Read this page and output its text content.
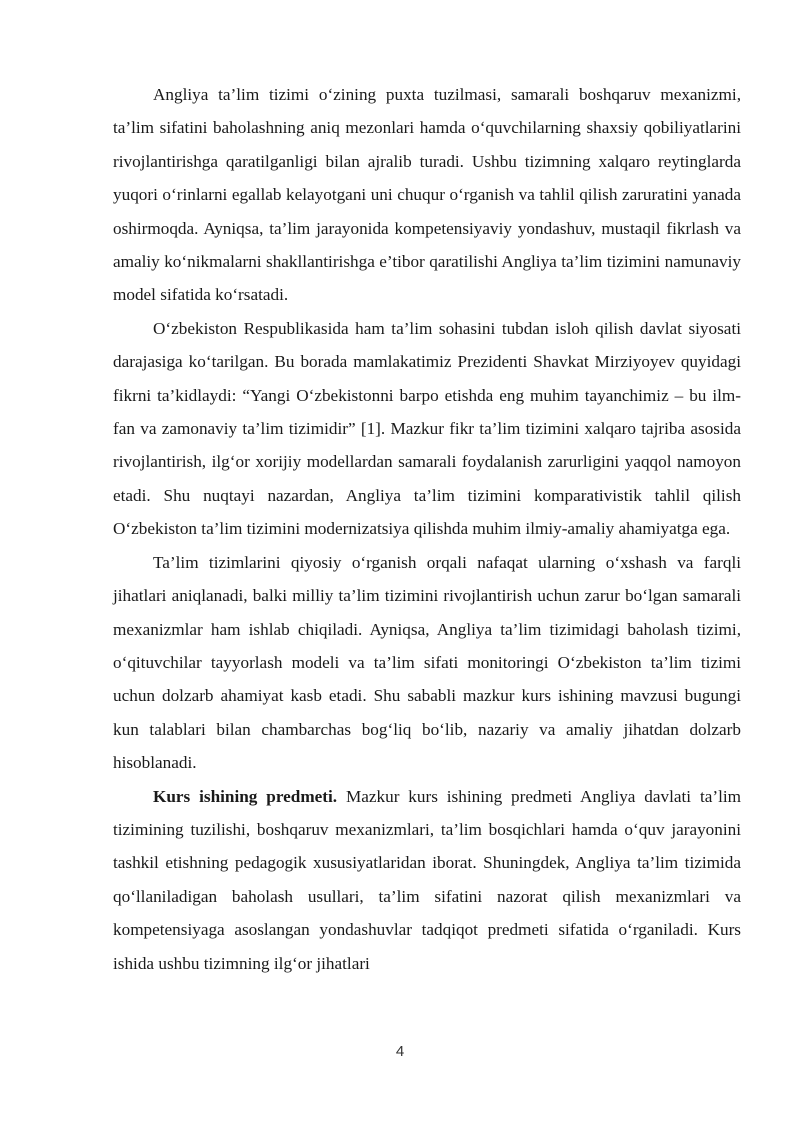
Angliya ta’lim tizimi o‘zining puxta tuzilmasi, samarali boshqaruv mexanizmi, ta’lim sifatini baholashning aniq mezonlari hamda o‘quvchilarning shaxsiy qobiliyatlarini rivojlantirishga qaratilganligi bilan ajralib turadi. Ushbu tizimning xalqaro reytinglarda yuqori o‘rinlarni egallab kelayotgani uni chuqur o‘rganish va tahlil qilish zaruratini yanada oshirmoqda. Ayniqsa, ta’lim jarayonida kompetensiyaviy yondashuv, mustaqil fikrlash va amaliy ko‘nikmalarni shakllantirishga e’tibor qaratilishi Angliya ta’lim tizimini namunaviy model sifatida ko‘rsatadi.

O‘zbekiston Respublikasida ham ta’lim sohasini tubdan isloh qilish davlat siyosati darajasiga ko‘tarilgan. Bu borada mamlakatimiz Prezidenti Shavkat Mirziyoyev quyidagi fikrni ta’kidlaydi: “Yangi O‘zbekistonni barpo etishda eng muhim tayanchimiz – bu ilm-fan va zamonaviy ta’lim tizimidir” [1]. Mazkur fikr ta’lim tizimini xalqaro tajriba asosida rivojlantirish, ilg‘or xorijiy modellardan samarali foydalanish zarurligini yaqqol namoyon etadi. Shu nuqtayi nazardan, Angliya ta’lim tizimini komparativistik tahlil qilish O‘zbekiston ta’lim tizimini modernizatsiya qilishda muhim ilmiy-amaliy ahamiyatga ega.

Ta’lim tizimlarini qiyosiy o‘rganish orqali nafaqat ularning o‘xshash va farqli jihatlari aniqlanadi, balki milliy ta’lim tizimini rivojlantirish uchun zarur bo‘lgan samarali mexanizmlar ham ishlab chiqiladi. Ayniqsa, Angliya ta’lim tizimidagi baholash tizimi, o‘qituvchilar tayyorlash modeli va ta’lim sifati monitoringi O‘zbekiston ta’lim tizimi uchun dolzarb ahamiyat kasb etadi. Shu sababli mazkur kurs ishining mavzusi bugungi kun talablari bilan chambarchas bog‘liq bo‘lib, nazariy va amaliy jihatdan dolzarb hisoblanadi.

Kurs ishining predmeti. Mazkur kurs ishining predmeti Angliya davlati ta’lim tizimining tuzilishi, boshqaruv mexanizmlari, ta’lim bosqichlari hamda o‘quv jarayonini tashkil etishning pedagogik xususiyatlaridan iborat. Shuningdek, Angliya ta’lim tizimida qo‘llaniladigan baholash usullari, ta’lim sifatini nazorat qilish mexanizmlari va kompetensiyaga asoslangan yondashuvlar tadqiqot predmeti sifatida o‘rganiladi. Kurs ishida ushbu tizimning ilg‘or jihatlari

4
